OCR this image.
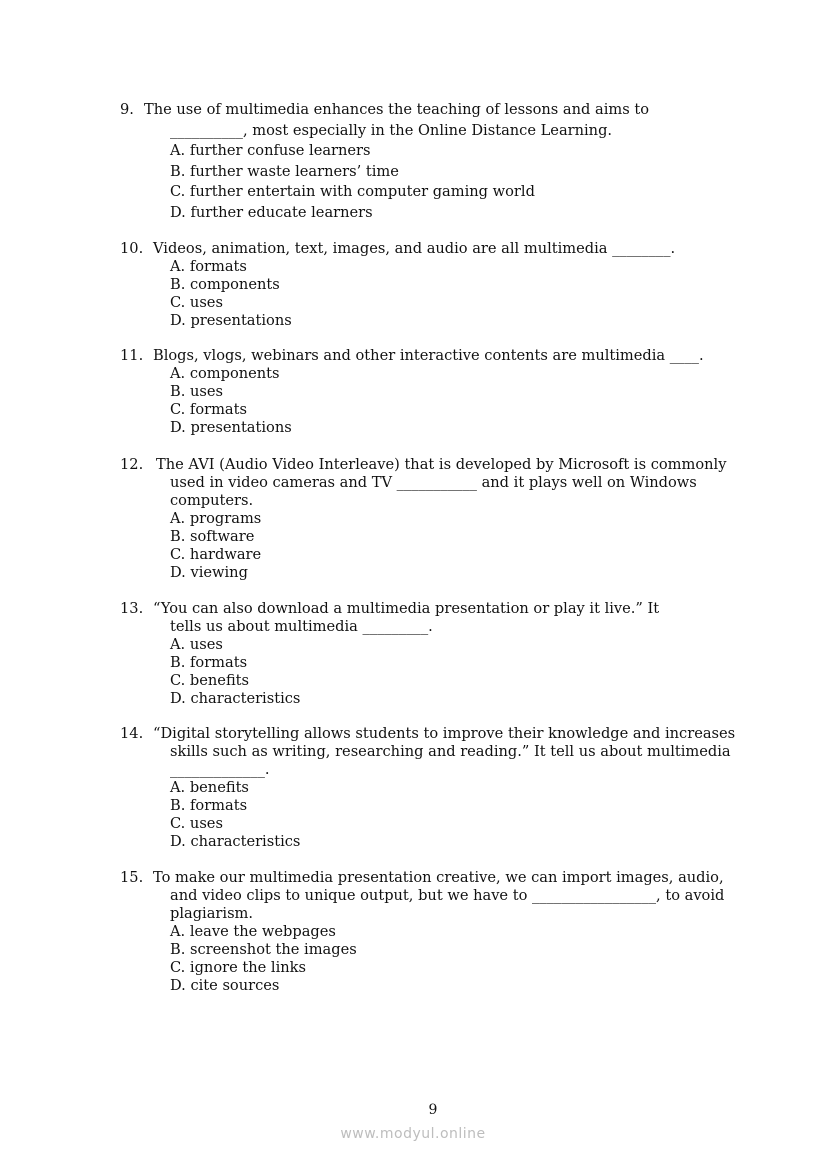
9. The use of multimedia enhances the teaching of lessons and aims to
__________, most especially in the Online Distance Learning.
A. further confuse learners
B. further waste learners’ time
C. further entertain with computer gaming world
D. further educate learners
10. Videos, animation, text, images, and audio are all multimedia ________.
A. formats
B. components
C. uses
D. presentations
11. Blogs, vlogs, webinars and other interactive contents are multimedia ____.
A. components
B. uses
C. formats
D. presentations
12. The AVI (Audio Video Interleave) that is developed by Microsoft is commonly
used in video cameras and TV ___________ and it plays well on Windows
computers.
A. programs
B. software
C. hardware
D. viewing
13. “You can also download a multimedia presentation or play it live.” It
tells us about multimedia _________.
A. uses
B. formats
C. benefits
D. characteristics
14. “Digital storytelling allows students to improve their knowledge and increases
skills such as writing, researching and reading.” It tell us about multimedia
_____________.
A. benefits
B. formats
C. uses
D. characteristics
15. To make our multimedia presentation creative, we can import images, audio,
and video clips to unique output, but we have to _________________, to avoid
plagiarism.
A. leave the webpages
B. screenshot the images
C. ignore the links
D. cite sources
9
www.modyul.online
